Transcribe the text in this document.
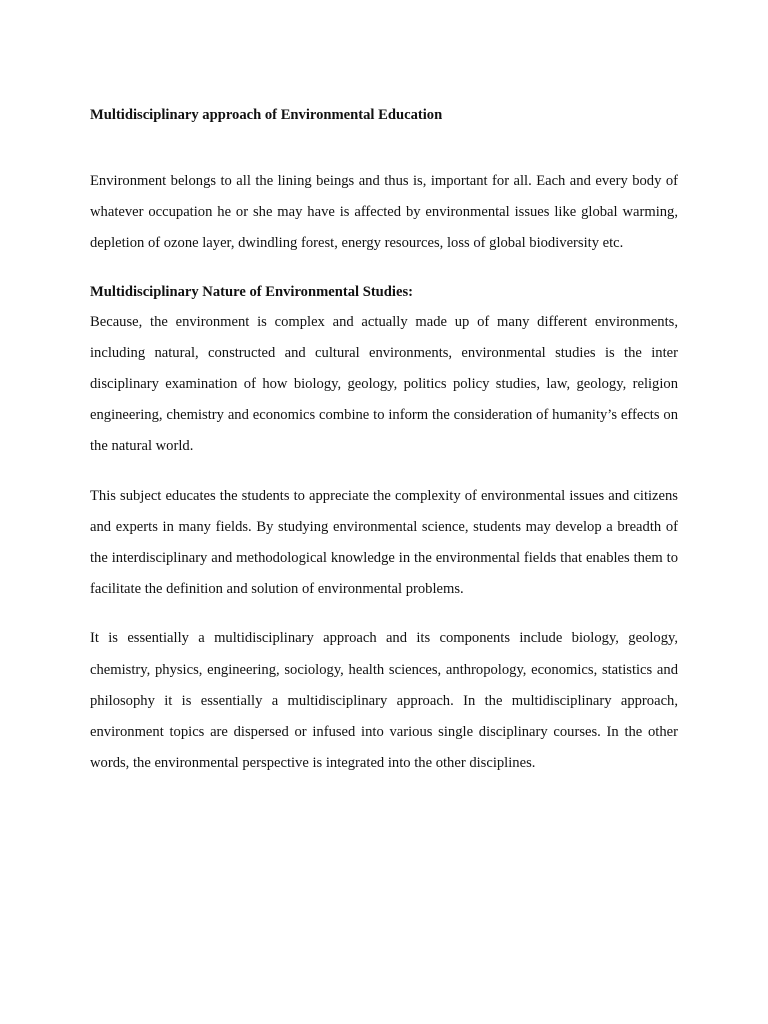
Multidisciplinary approach of Environmental Education

Environment belongs to all the lining beings and thus is, important for all. Each and every body of whatever occupation he or she may have is affected by environmental issues like global warming, depletion of ozone layer, dwindling forest, energy resources, loss of global biodiversity etc.

Multidisciplinary Nature of Environmental Studies:

Because, the environment is complex and actually made up of many different environments, including natural, constructed and cultural environments, environmental studies is the inter disciplinary examination of how biology, geology, politics policy studies, law, geology, religion engineering, chemistry and economics combine to inform the consideration of humanity’s effects on the natural world.

This subject educates the students to appreciate the complexity of environmental issues and citizens and experts in many fields. By studying environmental science, students may develop a breadth of the interdisciplinary and methodological knowledge in the environmental fields that enables them to facilitate the definition and solution of environmental problems.

It is essentially a multidisciplinary approach and its components include biology, geology, chemistry, physics, engineering, sociology, health sciences, anthropology, economics, statistics and philosophy it is essentially a multidisciplinary approach. In the multidisciplinary approach, environment topics are dispersed or infused into various single disciplinary courses. In the other words, the environmental perspective is integrated into the other disciplines.
